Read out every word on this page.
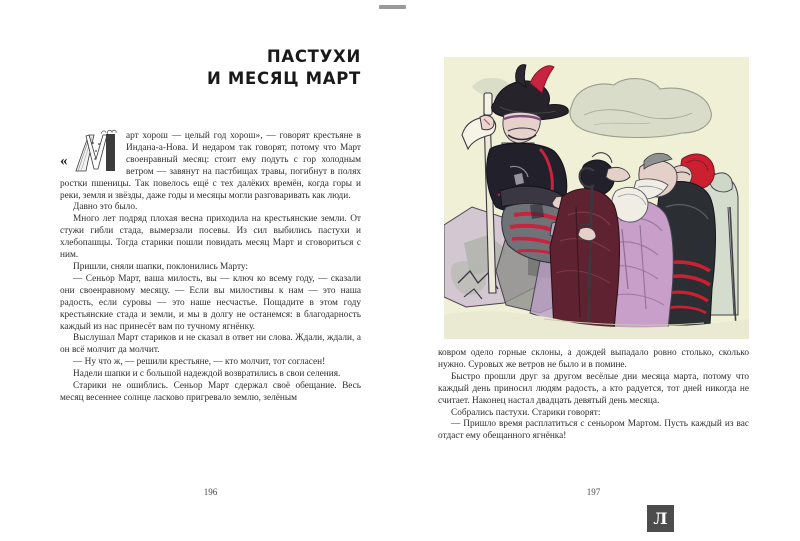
ПАСТУХИ
И МЕСЯЦ МАРТ
«

арт хорош — целый год хорош», — говорят крестьяне в Индана-а-Нова. И недаром так говорят, потому что Март своенравный месяц: стоит ему подуть с гор холодным ветром — завянут на пастбищах травы, погибнут в полях ростки пшеницы. Так повелось ещё с тех далёких времён, когда горы и реки, земля и звёзды, даже годы и месяцы могли разговаривать как люди.

Давно это было.

Много лет подряд плохая весна приходила на крестьянские земли. От стужи гибли стада, вымерзали посевы. Из сил выбились пастухи и хлебопашцы. Тогда старики пошли повидать месяц Март и сговориться с ним.

Пришли, сняли шапки, поклонились Марту:

— Сеньор Март, ваша милость, вы — ключ ко всему году, — сказали они своенравному месяцу. — Если вы милостивы к нам — это наша радость, если суровы — это наше несчастье. Пощадите в этом году крестьянские стада и земли, и мы в долгу не останемся: в благодарность каждый из нас принесёт вам по тучному ягнёнку.

Выслушал Март стариков и не сказал в ответ ни слова. Ждали, ждали, а он всё молчит да молчит.

— Ну что ж, — решили крестьяне, — кто молчит, тот согласен!

Надели шапки и с большой надеждой возвратились в свои селения.

Старики не ошиблись. Сеньор Март сдержал своё обещание. Весь месяц весеннее солнце ласково пригревало землю, зелёным

196

ковром одело горные склоны, а дождей выпадало ровно столько, сколько нужно. Суровых же ветров не было и в помине.

Быстро прошли друг за другом весёлые дни месяца марта, потому что каждый день приносил людям радость, а кто радуется, тот дней никогда не считает. Наконец настал двадцать девятый день месяца.

Собрались пастухи. Старики говорят:

— Пришло время расплатиться с сеньором Мартом. Пусть каждый из вас отдаст ему обещанного ягнёнка!

197
Л
